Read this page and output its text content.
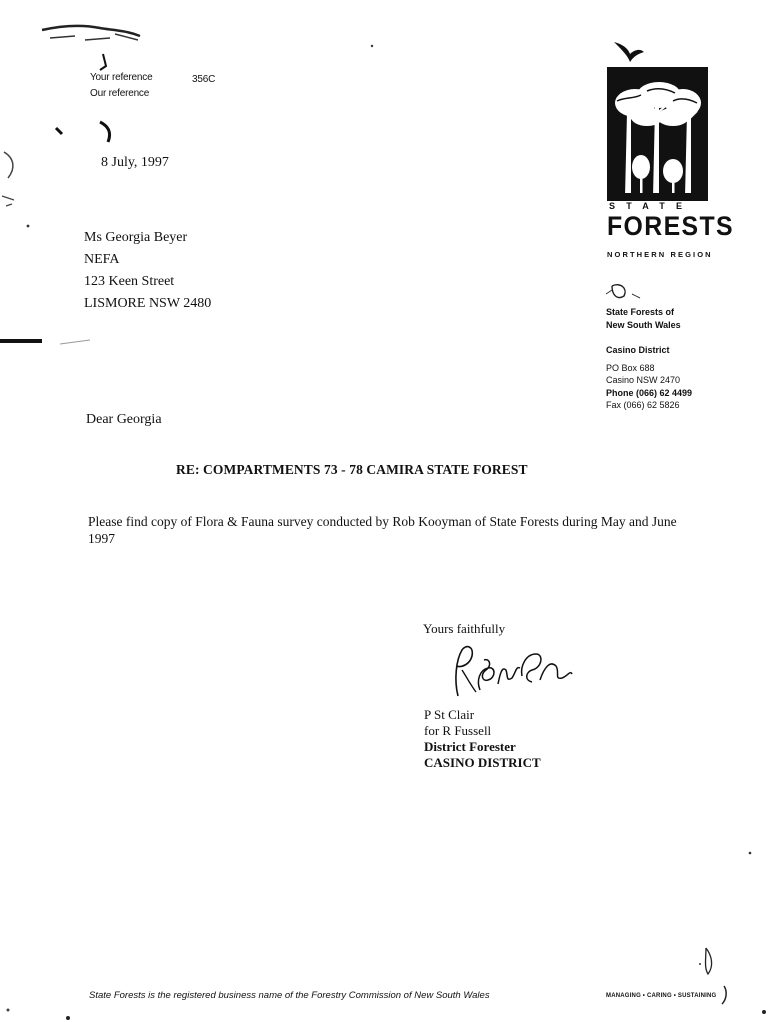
Your reference	356C
Our reference
8 July, 1997
Ms Georgia Beyer
NEFA
123 Keen Street
LISMORE NSW 2480
Dear Georgia
RE: COMPARTMENTS 73 - 78 CAMIRA STATE FOREST
Please find copy of Flora & Fauna survey conducted by Rob Kooyman of State Forests during May and June 1997
Yours faithfully
P St Clair
for R Fussell
District Forester
CASINO DISTRICT
STATE
FORESTS
NORTHERN REGION
State Forests of
New South Wales
Casino District
PO Box 688
Casino NSW 2470
Phone (066) 62 4499
Fax (066) 62 5826
State Forests is the registered business name of the Forestry Commission of New South Wales	MANAGING • CARING • SUSTAINING
